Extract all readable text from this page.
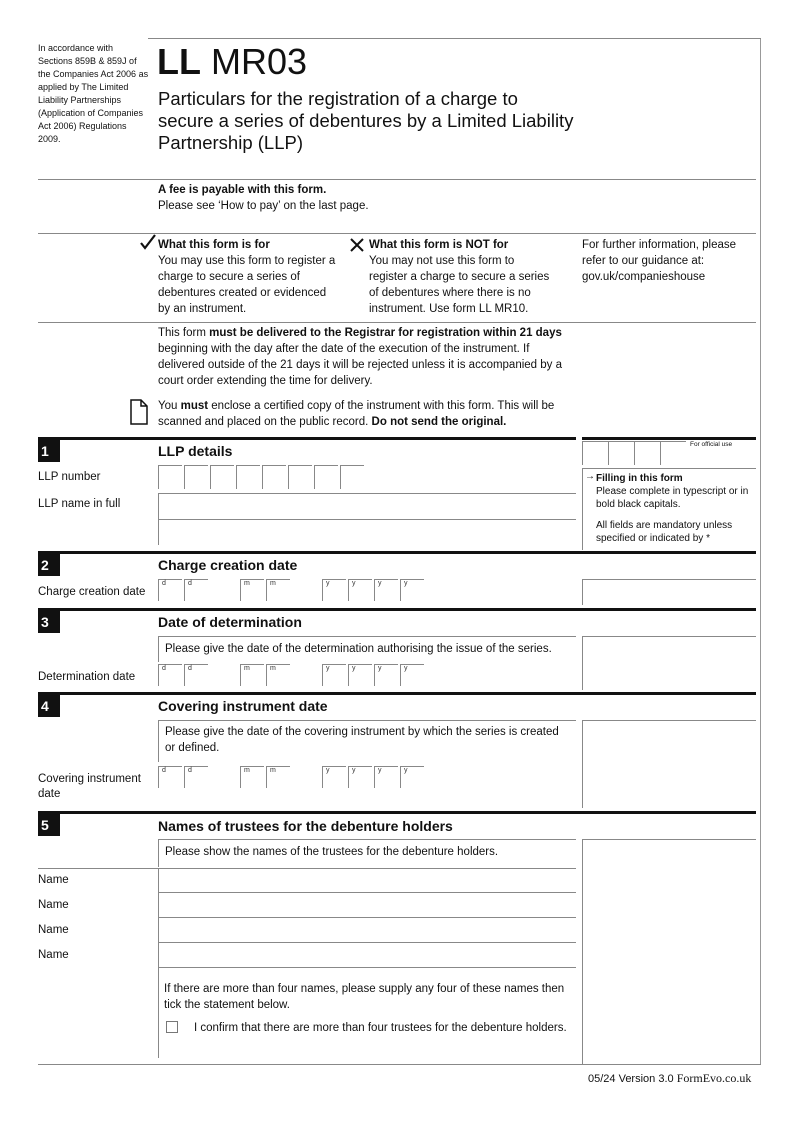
In accordance with Sections 859B & 859J of the Companies Act 2006 as applied by The Limited Liability Partnerships (Application of Companies Act 2006) Regulations 2009.
LL MR03
Particulars for the registration of a charge to secure a series of debentures by a Limited Liability Partnership (LLP)
A fee is payable with this form.
Please see ‘How to pay’ on the last page.
What this form is for
You may use this form to register a charge to secure a series of debentures created or evidenced by an instrument.
What this form is NOT for
You may not use this form to register a charge to secure a series of debentures where there is no instrument. Use form LL MR10.
For further information, please refer to our guidance at: gov.uk/companieshouse
This form must be delivered to the Registrar for registration within 21 days beginning with the day after the date of the execution of the instrument. If delivered outside of the 21 days it will be rejected unless it is accompanied by a court order extending the time for delivery.
You must enclose a certified copy of the instrument with this form. This will be scanned and placed on the public record. Do not send the original.
1	LLP details	For official use
LLP number
LLP name in full
→ Filling in this form
Please complete in typescript or in bold black capitals.
All fields are mandatory unless specified or indicated by *
2	Charge creation date
Charge creation date
d	d	m	m	y	y	y	y
3	Date of determination
Please give the date of the determination authorising the issue of the series.
Determination date
d	d	m	m	y	y	y	y
4	Covering instrument date
Please give the date of the covering instrument by which the series is created or defined.
Covering instrument date
d	d	m	m	y	y	y	y
5	Names of trustees for the debenture holders
Please show the names of the trustees for the debenture holders.
Name
Name
Name
Name
If there are more than four names, please supply any four of these names then tick the statement below.
I confirm that there are more than four trustees for the debenture holders.
05/24 Version 3.0 FormEvo.co.uk
